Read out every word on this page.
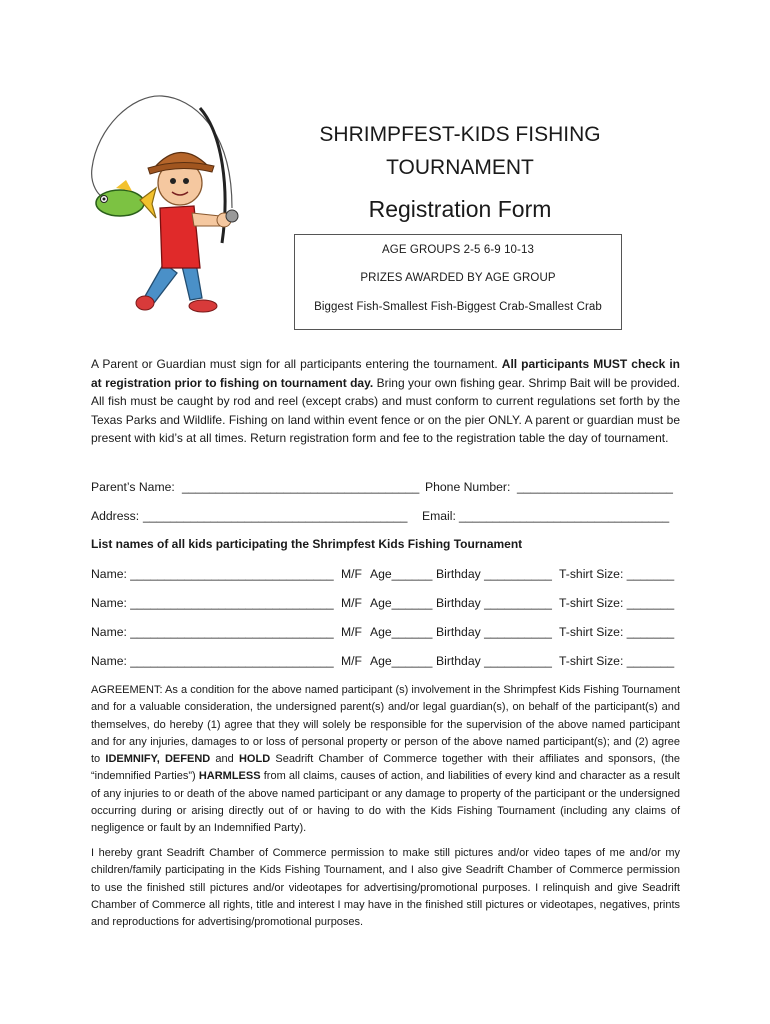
SHRIMPFEST-KIDS FISHING
TOURNAMENT
Registration Form
AGE GROUPS 2-5 6-9 10-13
PRIZES AWARDED BY AGE GROUP
Biggest Fish-Smallest Fish-Biggest Crab-Smallest Crab

A Parent or Guardian must sign for all participants entering the tournament. All participants MUST check in at registration prior to fishing on tournament day. Bring your own fishing gear. Shrimp Bait will be provided. All fish must be caught by rod and reel (except crabs) and must conform to current regulations set forth by the Texas Parks and Wildlife. Fishing on land within event fence or on the pier ONLY. A parent or guardian must be present with kid’s at all times. Return registration form and fee to the registration table the day of tournament.

Parent’s Name: ___________________________________ Phone Number: _______________________
Address: _______________________________________ Email: _______________________________
List names of all kids participating the Shrimpfest Kids Fishing Tournament
Name: ______________________________ M/F Age______ Birthday __________ T-shirt Size: _______
Name: ______________________________ M/F Age______ Birthday __________ T-shirt Size: _______
Name: ______________________________ M/F Age______ Birthday __________ T-shirt Size: _______
Name: ______________________________ M/F Age______ Birthday __________ T-shirt Size: _______

AGREEMENT: As a condition for the above named participant (s) involvement in the Shrimpfest Kids Fishing Tournament and for a valuable consideration, the undersigned parent(s) and/or legal guardian(s), on behalf of the participant(s) and themselves, do hereby (1) agree that they will solely be responsible for the supervision of the above named participant and for any injuries, damages to or loss of personal property or person of the above named participant(s); and (2) agree to IDEMNIFY, DEFEND and HOLD Seadrift Chamber of Commerce together with their affiliates and sponsors, (the “indemnified Parties”) HARMLESS from all claims, causes of action, and liabilities of every kind and character as a result of any injuries to or death of the above named participant or any damage to property of the participant or the undersigned occurring during or arising directly out of or having to do with the Kids Fishing Tournament (including any claims of negligence or fault by an Indemnified Party).

I hereby grant Seadrift Chamber of Commerce permission to make still pictures and/or video tapes of me and/or my children/family participating in the Kids Fishing Tournament, and I also give Seadrift Chamber of Commerce permission to use the finished still pictures and/or videotapes for advertising/promotional purposes. I relinquish and give Seadrift Chamber of Commerce all rights, title and interest I may have in the finished still pictures or videotapes, negatives, prints and reproductions for advertising/promotional purposes.
